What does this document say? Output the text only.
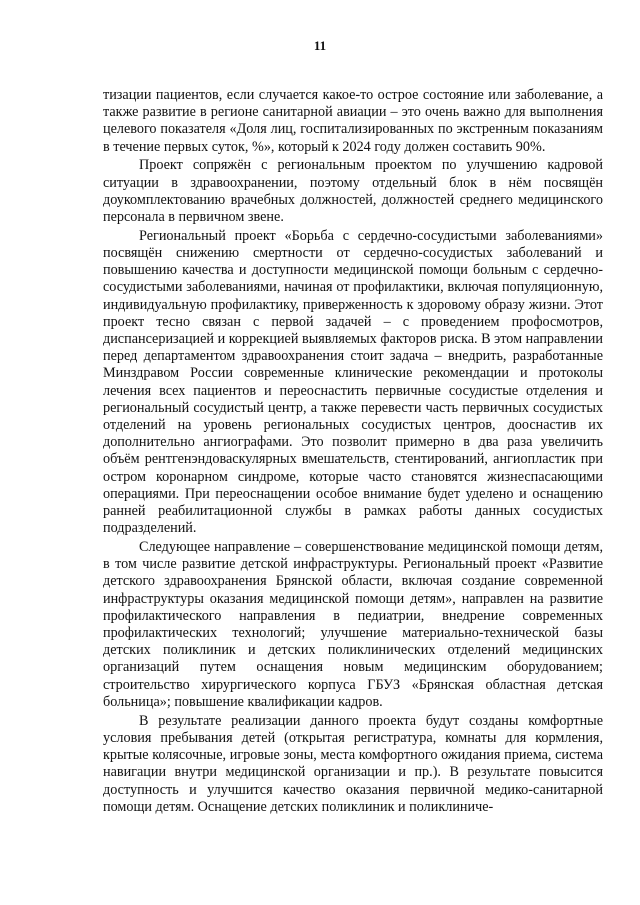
11

тизации пациентов, если случается какое-то острое состояние или заболевание, а также развитие в регионе санитарной авиации – это очень важно для выполнения целевого показателя «Доля лиц, госпитализированных по экстренным показаниям в течение первых суток, %», который к 2024 году должен составить 90%.

Проект сопряжён с региональным проектом по улучшению кадровой ситуации в здравоохранении, поэтому отдельный блок в нём посвящён доукомплектованию врачебных должностей, должностей среднего медицинского персонала в первичном звене.

Региональный проект «Борьба с сердечно-сосудистыми заболеваниями» посвящён снижению смертности от сердечно-сосудистых заболеваний и повышению качества и доступности медицинской помощи больным с сердечно-сосудистыми заболеваниями, начиная от профилактики, включая популяционную, индивидуальную профилактику, приверженность к здоровому образу жизни. Этот проект тесно связан с первой задачей – с проведением профосмотров, диспансеризацией и коррекцией выявляемых факторов риска. В этом направлении перед департаментом здравоохранения стоит задача – внедрить, разработанные Минздравом России современные клинические рекомендации и протоколы лечения всех пациентов и переоснастить первичные сосудистые отделения и региональный сосудистый центр, а также перевести часть первичных сосудистых отделений на уровень региональных сосудистых центров, дооснастив их дополнительно ангиографами. Это позволит примерно в два раза увеличить объём рентгенэндоваскулярных вмешательств, стентирований, ангиопластик при остром коронарном синдроме, которые часто становятся жизнеспасающими операциями. При переоснащении особое внимание будет уделено и оснащению ранней реабилитационной службы в рамках работы данных сосудистых подразделений.

Следующее направление – совершенствование медицинской помощи детям, в том числе развитие детской инфраструктуры. Региональный проект «Развитие детского здравоохранения Брянской области, включая создание современной инфраструктуры оказания медицинской помощи детям», направлен на развитие профилактического направления в педиатрии, внедрение современных профилактических технологий; улучшение материально-технической базы детских поликлиник и детских поликлинических отделений медицинских организаций путем оснащения новым медицинским оборудованием; строительство хирургического корпуса ГБУЗ «Брянская областная детская больница»; повышение квалификации кадров.

В результате реализации данного проекта будут созданы комфортные условия пребывания детей (открытая регистратура, комнаты для кормления, крытые колясочные, игровые зоны, места комфортного ожидания приема, система навигации внутри медицинской организации и пр.). В результате повысится доступность и улучшится качество оказания первичной медико-санитарной помощи детям. Оснащение детских поликлиник и поликлиниче-
